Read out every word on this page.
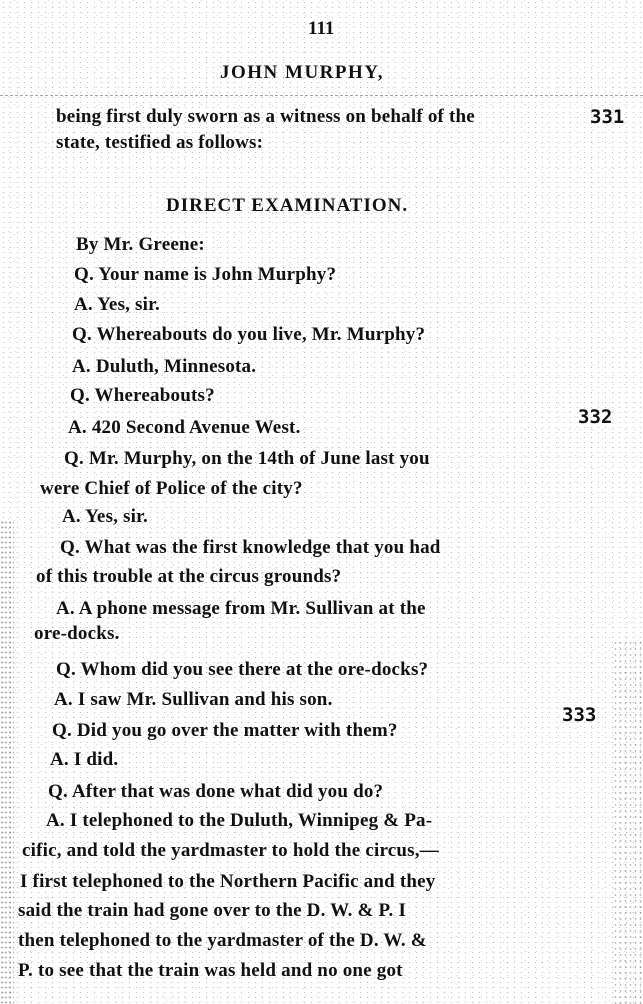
111
JOHN MURPHY,
being first duly sworn as a witness on behalf of the	331
state, testified as follows:
DIRECT EXAMINATION.
By Mr. Greene:
Q. Your name is John Murphy?
A. Yes, sir.
Q. Whereabouts do you live, Mr. Murphy?
A. Duluth, Minnesota.
Q. Whereabouts?
A. 420 Second Avenue West.	332
Q. Mr. Murphy, on the 14th of June last you
were Chief of Police of the city?
A. Yes, sir.
Q. What was the first knowledge that you had
of this trouble at the circus grounds?
A. A phone message from Mr. Sullivan at the
ore-docks.
Q. Whom did you see there at the ore-docks?
A. I saw Mr. Sullivan and his son.
Q. Did you go over the matter with them?
333
A. I did.
Q. After that was done what did you do?
A. I telephoned to the Duluth, Winnipeg & Pa-
cific, and told the yardmaster to hold the circus,—
I first telephoned to the Northern Pacific and they
said the train had gone over to the D. W. & P. I
then telephoned to the yardmaster of the D. W. &
P. to see that the train was held and no one got
